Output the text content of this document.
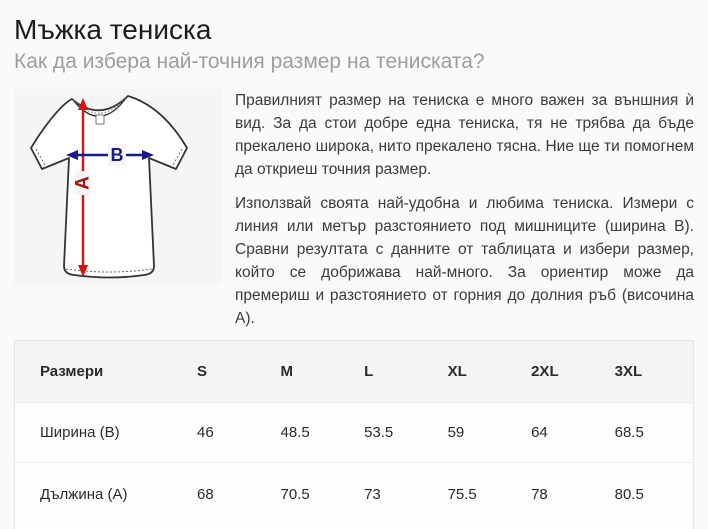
Мъжка тениска
Как да избера най-точния размер на тениската?
A
B

Правилният размер на тениска е много важен за външния ѝ вид. За да стои добре една тениска, тя не трябва да бъде прекалено широка, нито прекалено тясна. Ние ще ти помогнем да откриеш точния размер.

Използвай своята най-удобна и любима тениска. Измери с линия или метър разстоянието под мишниците (ширина B). Сравни резултата с данните от таблицата и избери размер, който се добрижава най-много. За ориентир може да премериш и разстоянието от горния до долния ръб (височина A).

Размери	S	M	L	XL	2XL	3XL
Ширина (B)	46	48.5	53.5	59	64	68.5
Дължина (A)	68	70.5	73	75.5	78	80.5
